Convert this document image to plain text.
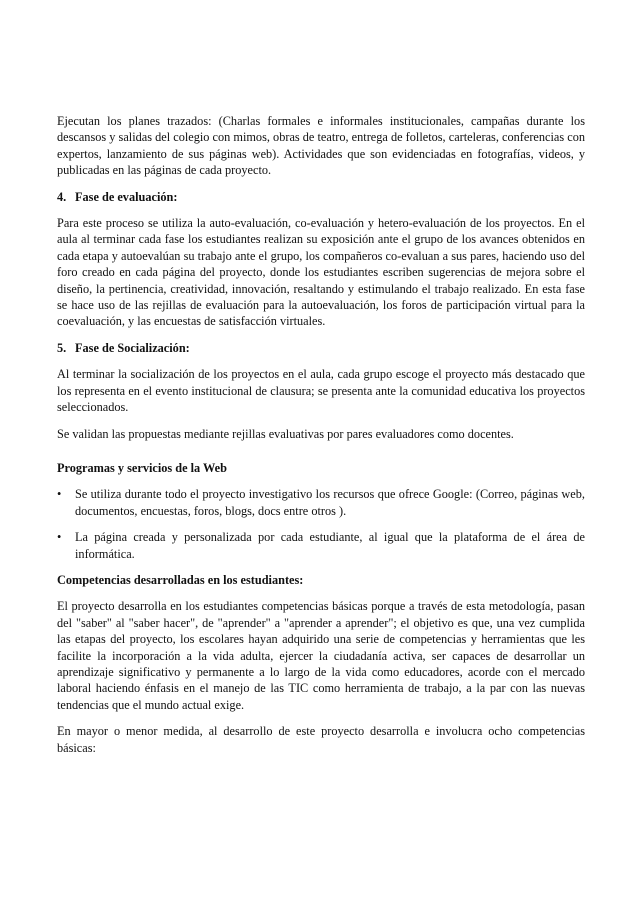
Ejecutan los planes trazados: (Charlas formales e informales institucionales, campañas durante los descansos y salidas del colegio con mimos, obras de teatro, entrega de folletos, carteleras, conferencias con expertos, lanzamiento de sus páginas web). Actividades que son evidenciadas en fotografías, videos, y publicadas en las páginas de cada proyecto.

4. Fase de evaluación:

Para este proceso se utiliza la auto-evaluación, co-evaluación y hetero-evaluación de los proyectos. En el aula al terminar cada fase los estudiantes realizan su exposición ante el grupo de los avances obtenidos en cada etapa y autoevalúan su trabajo ante el grupo, los compañeros co-evaluan a sus pares, haciendo uso del foro creado en cada página del proyecto, donde los estudiantes escriben sugerencias de mejora sobre el diseño, la pertinencia, creatividad, innovación, resaltando y estimulando el trabajo realizado. En esta fase se hace uso de las rejillas de evaluación para la autoevaluación, los foros de participación virtual para la coevaluación, y las encuestas de satisfacción virtuales.

5. Fase de Socialización:

Al terminar la socialización de los proyectos en el aula, cada grupo escoge el proyecto más destacado que los representa en el evento institucional de clausura; se presenta ante la comunidad educativa los proyectos seleccionados.

Se validan las propuestas mediante rejillas evaluativas por pares evaluadores como docentes.

Programas y servicios de la Web

• Se utiliza durante todo el proyecto investigativo los recursos que ofrece Google: (Correo, páginas web, documentos, encuestas, foros, blogs, docs entre otros ).
• La página creada y personalizada por cada estudiante, al igual que la plataforma de el área de informática.

Competencias desarrolladas en los estudiantes:

El proyecto desarrolla en los estudiantes competencias básicas porque a través de esta metodología, pasan del "saber" al "saber hacer", de "aprender" a "aprender a aprender"; el objetivo es que, una vez cumplida las etapas del proyecto, los escolares hayan adquirido una serie de competencias y herramientas que les facilite la incorporación a la vida adulta, ejercer la ciudadanía activa, ser capaces de desarrollar un aprendizaje significativo y permanente a lo largo de la vida como educadores, acorde con el mercado laboral haciendo énfasis en el manejo de las TIC como herramienta de trabajo, a la par con las nuevas tendencias que el mundo actual exige.

En mayor o menor medida, al desarrollo de este proyecto desarrolla e involucra ocho competencias básicas:
